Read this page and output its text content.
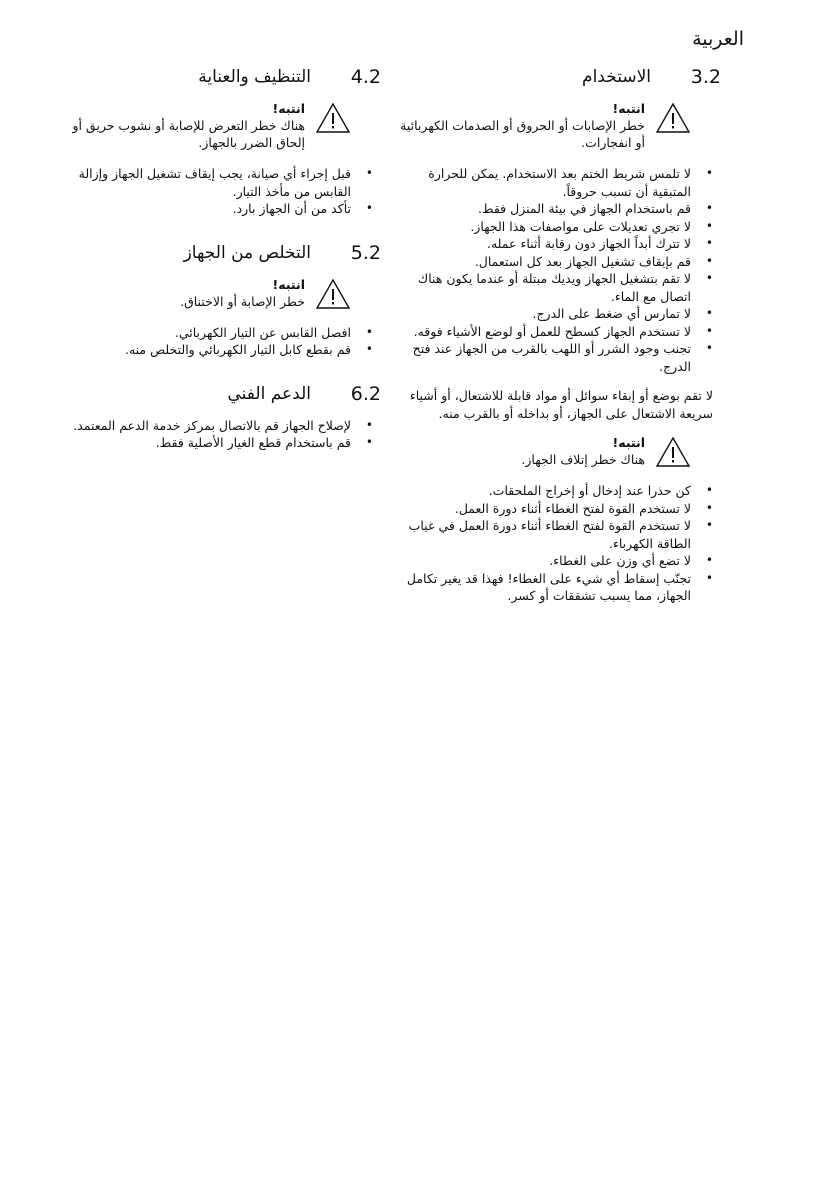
العربية
الاستخدام	3.2
انتبه!
خطر الإصابات أو الحروق أو الصدمات الكهربائية أو انفجارات.
•
لا تلمس شريط الختم بعد الاستخدام. يمكن للحرارة المتبقية أن تسبب حروقاً.
•
قم باستخدام الجهاز في بيئة المنزل فقط.
•
لا تجري تعديلات على مواصفات هذا الجهاز.
•
لا تترك أبداً الجهاز دون رقابة أثناء عمله.
•
قم بإيقاف تشغيل الجهاز بعد كل استعمال.
•
لا تقم بتشغيل الجهاز ويديك مبتلة أو عندما يكون هناك اتصال مع الماء.
•
لا تمارس أي ضغط على الدرج.
•
لا تستخدم الجهاز كسطح للعمل أو لوضع الأشياء فوقه.
•
تجنب وجود الشرر أو اللهب بالقرب من الجهاز عند فتح الدرج.

لا تقم بوضع أو إبقاء سوائل أو مواد قابلة للاشتعال، أو أشياء سريعة الاشتعال على الجهاز، أو بداخله أو بالقرب منه.

انتبه!
هناك خطر إتلاف الجهاز.
•
كن حذرا عند إدخال أو إخراج الملحقات.
•
لا تستخدم القوة لفتح الغطاء أثناء دورة العمل.
•
لا تستخدم القوة لفتح الغطاء أثناء دورة العمل في غياب الطاقة الكهرباء.
•
لا تضع أي وزن على الغطاء.
•
تجنّب إسقاط أي شيء على الغطاء! فهذا قد يغير تكامل الجهاز، مما يسبب تشققات أو كسر.
التنظيف والعناية	4.2
انتبه!
هناك خطر التعرض للإصابة أو نشوب حريق أو إلحاق الضرر بالجهاز.
•
قبل إجراء أي صيانة، يجب إيقاف تشغيل الجهاز وإزالة القابس من مأخذ التيار.
•
تأكد من أن الجهاز بارد.
التخلص من الجهاز	5.2
انتبه!
خطر الإصابة أو الاختناق.
•
افصل القابس عن التيار الكهربائي.
•
قم بقطع كابل التيار الكهربائي والتخلص منه.
الدعم الفني	6.2
•
لإصلاح الجهاز قم بالاتصال بمركز خدمة الدعم المعتمد.
•
قم باستخدام قطع الغيار الأصلية فقط.
